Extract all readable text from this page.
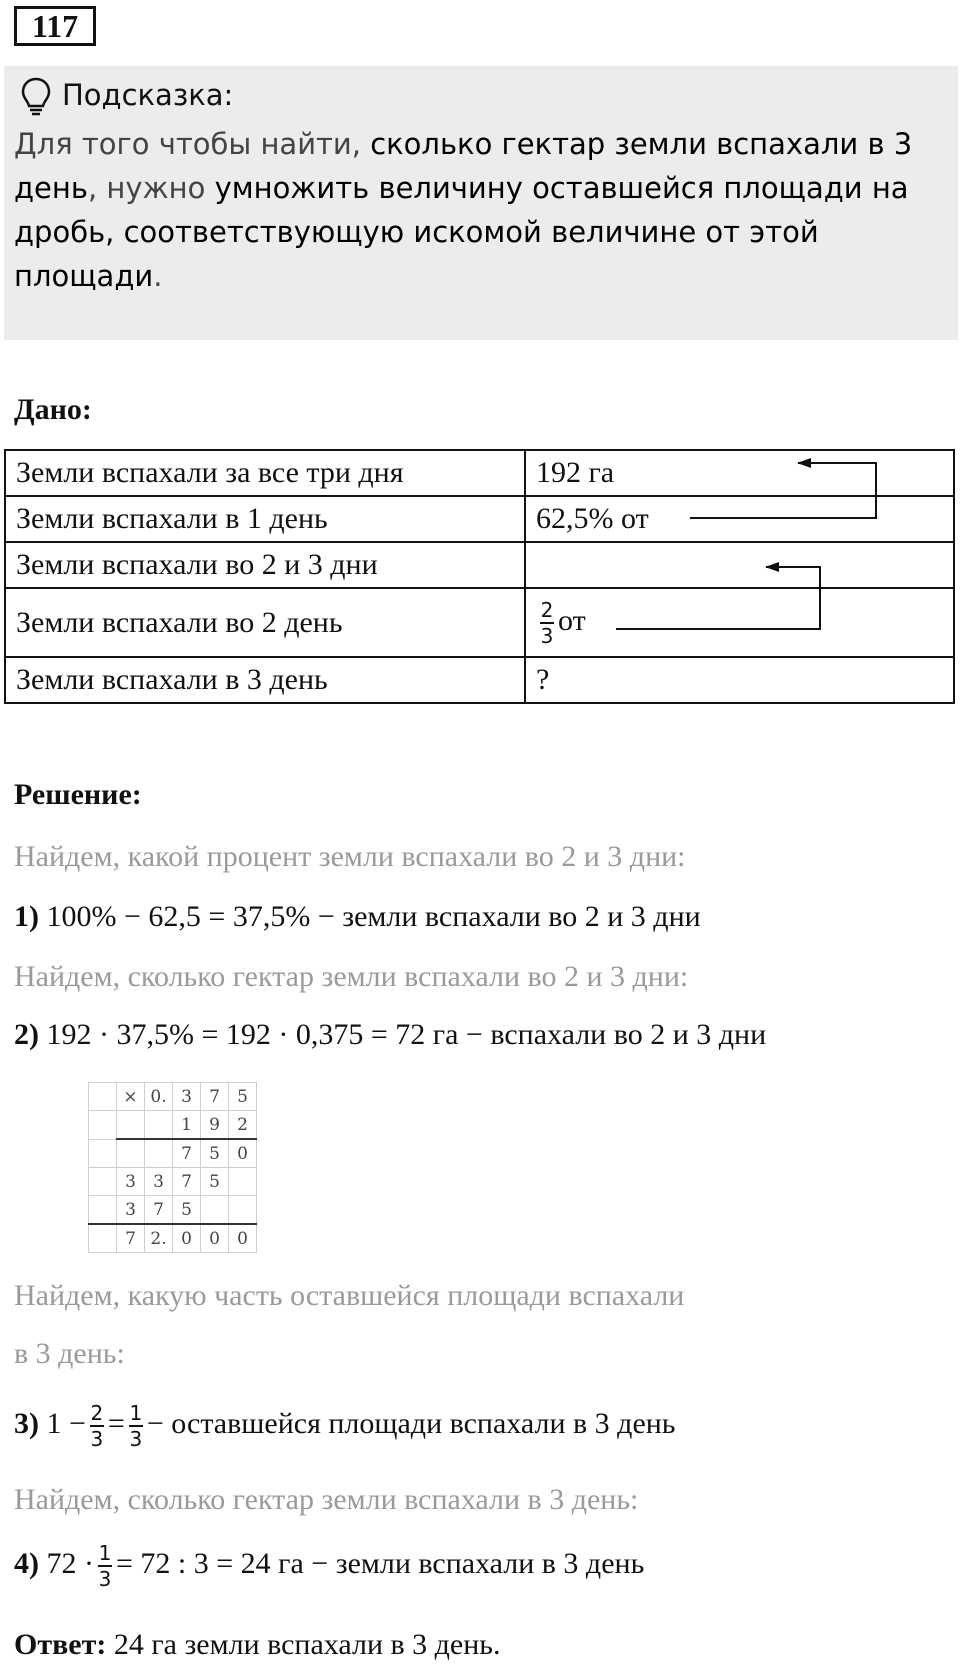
117
Подсказка:
Для того чтобы найти, сколько гектар земли вспахали в 3 день, нужно умножить величину оставшейся площади на дробь, соответствующую искомой величине от этой площади.
Дано:
Земли вспахали за все три дня	192 га
Земли вспахали в 1 день	62,5% от
Земли вспахали во 2 и 3 дни	
Земли вспахали во 2 день	$\frac{2}{3}$ от
Земли вспахали в 3 день	?
Решение:
Найдем, какой процент земли вспахали во 2 и 3 дни:
1) 100% − 62,5 = 37,5% − земли вспахали во 2 и 3 дни
Найдем, сколько гектар земли вспахали во 2 и 3 дни:
2) 192 · 37,5% = 192 · 0,375 = 72 га − вспахали во 2 и 3 дни
	×	0.	3	7	5
			1	9	2
			7	5	0
	3	3	7	5	
	3	7	5		
	7	2.	0	0	0
Найдем, какую часть оставшейся площади вспахали
в 3 день:
3) $1 - \frac{2}{3} = \frac{1}{3}$ − оставшейся площади вспахали в 3 день
Найдем, сколько гектар земли вспахали в 3 день:
4) $72 \cdot \frac{1}{3} = 72$ : 3 = 24 га − земли вспахали в 3 день
Ответ: 24 га земли вспахали в 3 день.
